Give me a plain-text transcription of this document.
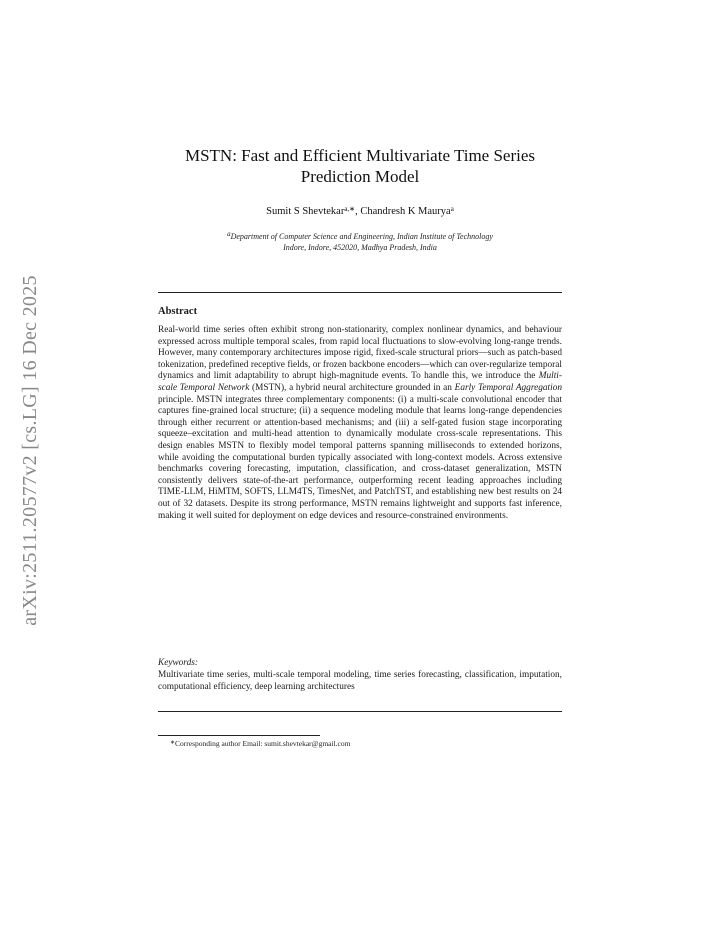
arXiv:2511.20577v2 [cs.LG] 16 Dec 2025
MSTN: Fast and Efficient Multivariate Time Series
Prediction Model
Sumit S Shevtekar$^{a,∗}$, Chandresh K Maurya$^a$
$^a$Department of Computer Science and Engineering, Indian Institute of Technology
Indore, Indore, 452020, Madhya Pradesh, India
Abstract
Real-world time series often exhibit strong non-stationarity, complex nonlinear dynamics, and behaviour expressed across multiple temporal scales, from rapid local fluctuations to slow-evolving long-range trends. However, many contemporary architectures impose rigid, fixed-scale structural priors—such as patch-based tokenization, predefined receptive fields, or frozen backbone encoders—which can over-regularize temporal dynamics and limit adaptability to abrupt high-magnitude events. To handle this, we introduce the Multi-scale Temporal Network (MSTN), a hybrid neural architecture grounded in an Early Temporal Aggregation principle. MSTN integrates three complementary components: (i) a multi-scale convolutional encoder that captures fine-grained local structure; (ii) a sequence modeling module that learns long-range dependencies through either recurrent or attention-based mechanisms; and (iii) a self-gated fusion stage incorporating squeeze–excitation and multi-head attention to dynamically modulate cross-scale representations. This design enables MSTN to flexibly model temporal patterns spanning milliseconds to extended horizons, while avoiding the computational burden typically associated with long-context models. Across extensive benchmarks covering forecasting, imputation, classification, and cross-dataset generalization, MSTN consistently delivers state-of-the-art performance, outperforming recent leading approaches including TIME-LLM, HiMTM, SOFTS, LLM4TS, TimesNet, and PatchTST, and establishing new best results on 24 out of 32 datasets. Despite its strong performance, MSTN remains lightweight and supports fast inference, making it well suited for deployment on edge devices and resource-constrained environments.
Keywords:
Multivariate time series, multi-scale temporal modeling, time series forecasting, classification, imputation, computational efficiency, deep learning architectures
∗Corresponding author Email: sumit.shevtekar@gmail.com
